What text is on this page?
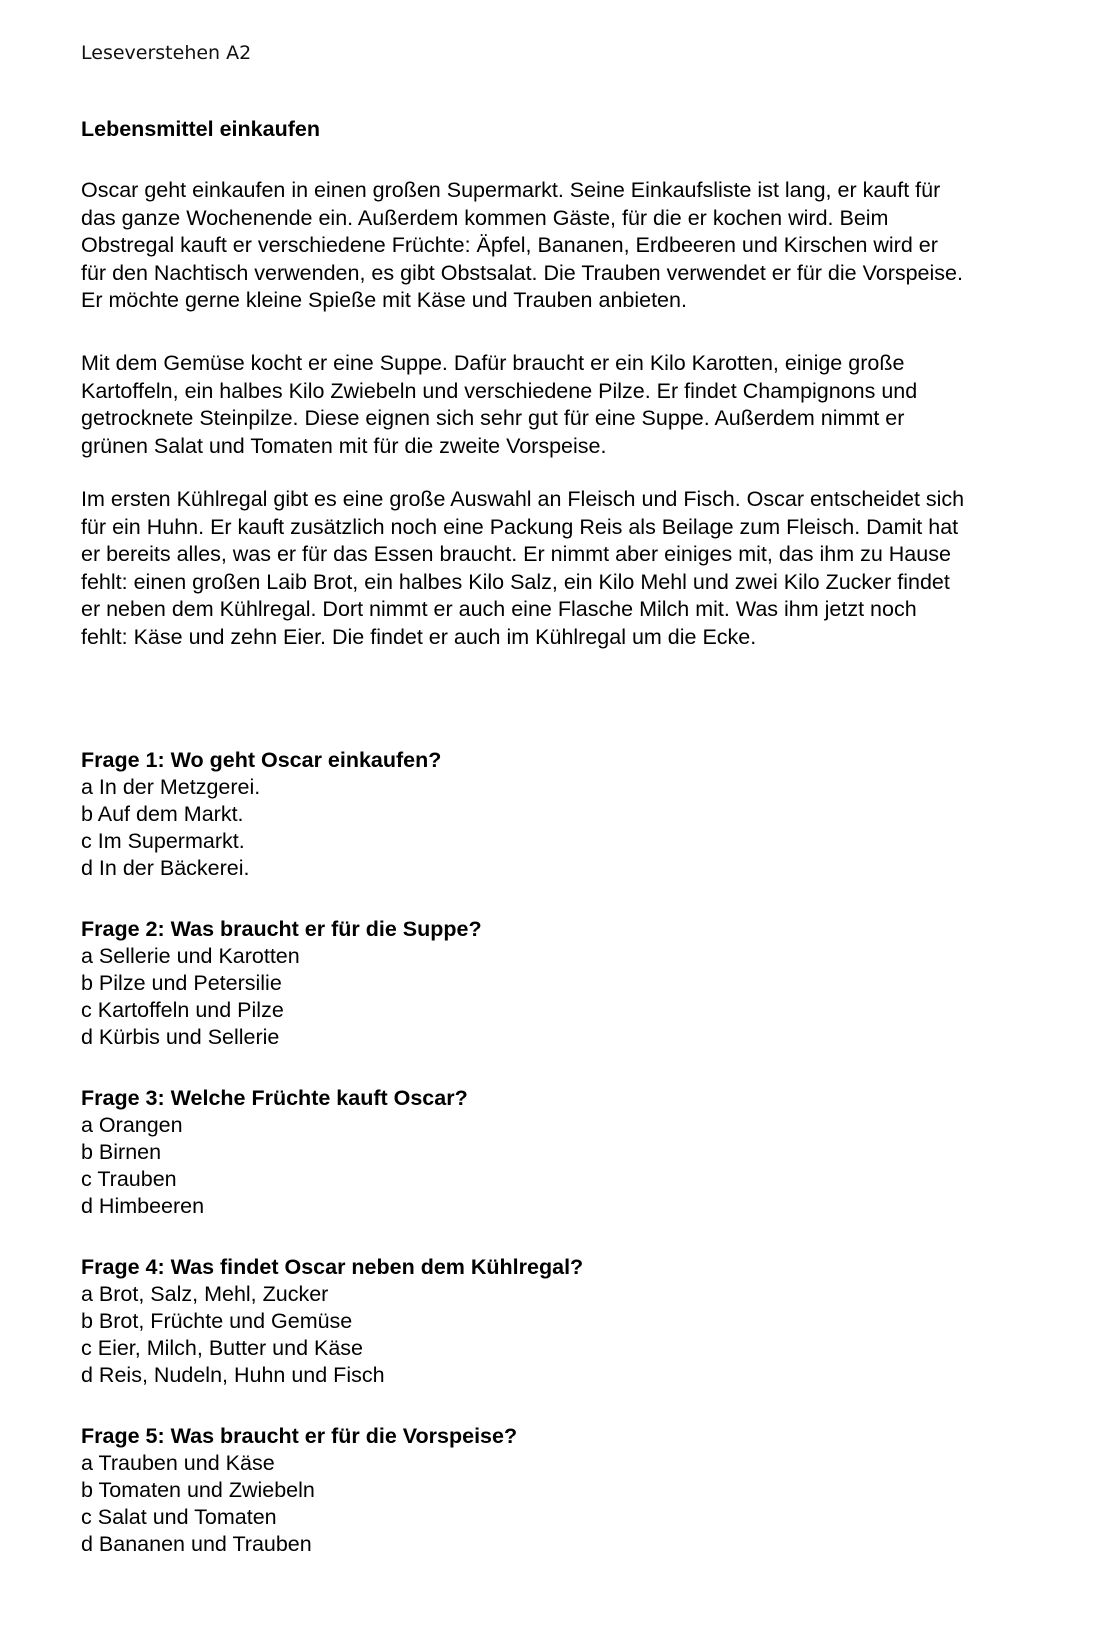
Leseverstehen A2
Lebensmittel einkaufen
Oscar geht einkaufen in einen großen Supermarkt. Seine Einkaufsliste ist lang, er kauft für
das ganze Wochenende ein. Außerdem kommen Gäste, für die er kochen wird. Beim
Obstregal kauft er verschiedene Früchte: Äpfel, Bananen, Erdbeeren und Kirschen wird er
für den Nachtisch verwenden, es gibt Obstsalat. Die Trauben verwendet er für die Vorspeise.
Er möchte gerne kleine Spieße mit Käse und Trauben anbieten.
Mit dem Gemüse kocht er eine Suppe. Dafür braucht er ein Kilo Karotten, einige große
Kartoffeln, ein halbes Kilo Zwiebeln und verschiedene Pilze. Er findet Champignons und
getrocknete Steinpilze. Diese eignen sich sehr gut für eine Suppe. Außerdem nimmt er
grünen Salat und Tomaten mit für die zweite Vorspeise.
Im ersten Kühlregal gibt es eine große Auswahl an Fleisch und Fisch. Oscar entscheidet sich
für ein Huhn. Er kauft zusätzlich noch eine Packung Reis als Beilage zum Fleisch. Damit hat
er bereits alles, was er für das Essen braucht. Er nimmt aber einiges mit, das ihm zu Hause
fehlt: einen großen Laib Brot, ein halbes Kilo Salz, ein Kilo Mehl und zwei Kilo Zucker findet
er neben dem Kühlregal. Dort nimmt er auch eine Flasche Milch mit. Was ihm jetzt noch
fehlt: Käse und zehn Eier. Die findet er auch im Kühlregal um die Ecke.
Frage 1: Wo geht Oscar einkaufen?
a In der Metzgerei.
b Auf dem Markt.
c Im Supermarkt.
d In der Bäckerei.
Frage 2: Was braucht er für die Suppe?
a Sellerie und Karotten
b Pilze und Petersilie
c Kartoffeln und Pilze
d Kürbis und Sellerie
Frage 3: Welche Früchte kauft Oscar?
a Orangen
b Birnen
c Trauben
d Himbeeren
Frage 4: Was findet Oscar neben dem Kühlregal?
a Brot, Salz, Mehl, Zucker
b Brot, Früchte und Gemüse
c Eier, Milch, Butter und Käse
d Reis, Nudeln, Huhn und Fisch
Frage 5: Was braucht er für die Vorspeise?
a Trauben und Käse
b Tomaten und Zwiebeln
c Salat und Tomaten
d Bananen und Trauben
